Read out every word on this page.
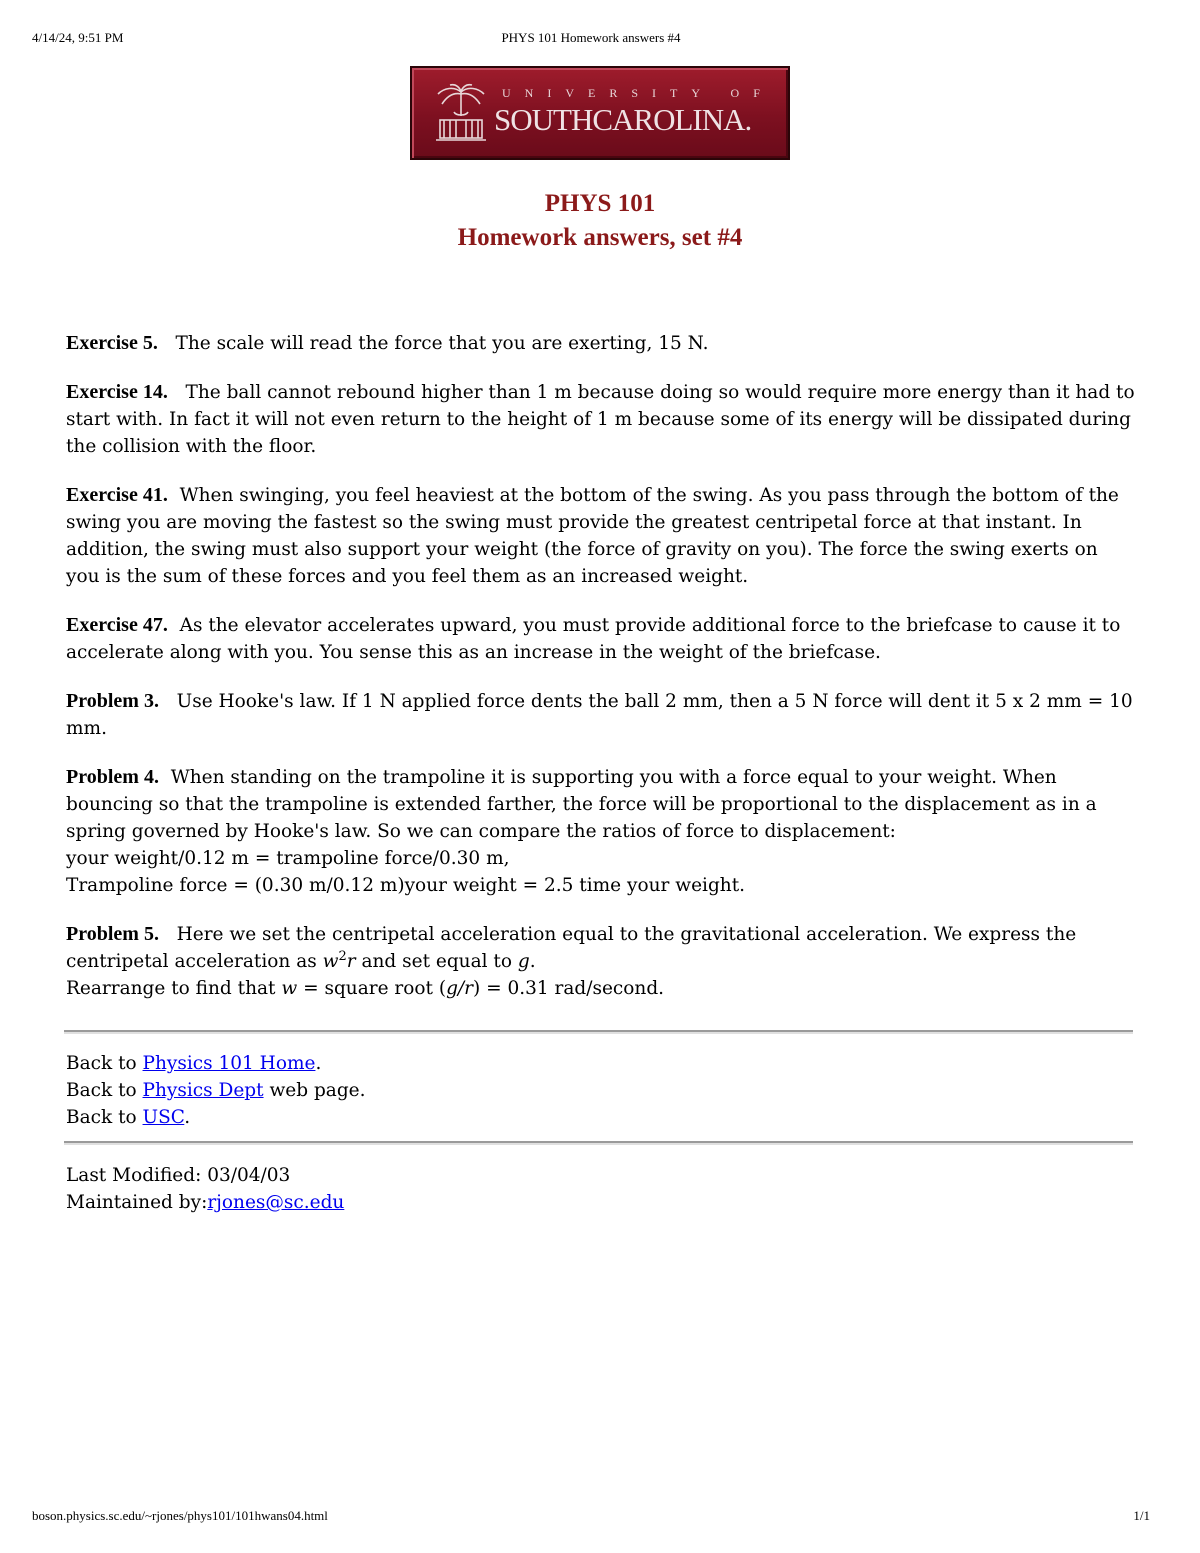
4/14/24, 9:51 PM	PHYS 101 Homework answers #4
UNIVERSITY OF
SOUTHCAROLINA.
PHYS 101
Homework answers, set #4

Exercise 5. The scale will read the force that you are exerting, 15 N.

Exercise 14. The ball cannot rebound higher than 1 m because doing so would require more energy than it had to start with. In fact it will not even return to the height of 1 m because some of its energy will be dissipated during the collision with the floor.

Exercise 41. When swinging, you feel heaviest at the bottom of the swing. As you pass through the bottom of the swing you are moving the fastest so the swing must provide the greatest centripetal force at that instant. In addition, the swing must also support your weight (the force of gravity on you). The force the swing exerts on you is the sum of these forces and you feel them as an increased weight.

Exercise 47. As the elevator accelerates upward, you must provide additional force to the briefcase to cause it to accelerate along with you. You sense this as an increase in the weight of the briefcase.

Problem 3. Use Hooke's law. If 1 N applied force dents the ball 2 mm, then a 5 N force will dent it 5 x 2 mm = 10 mm.

Problem 4. When standing on the trampoline it is supporting you with a force equal to your weight. When bouncing so that the trampoline is extended farther, the force will be proportional to the displacement as in a spring governed by Hooke's law. So we can compare the ratios of force to displacement:
your weight/0.12 m = trampoline force/0.30 m,
Trampoline force = (0.30 m/0.12 m)your weight = 2.5 time your weight.

Problem 5. Here we set the centripetal acceleration equal to the gravitational acceleration. We express the centripetal acceleration as $w^2r$ and set equal to g.
Rearrange to find that w = square root (g/r) = 0.31 rad/second.

Back to Physics 101 Home.
Back to Physics Dept web page.
Back to USC.
Last Modified: 03/04/03
Maintained by:rjones@sc.edu
boson.physics.sc.edu/~rjones/phys101/101hwans04.html	1/1
